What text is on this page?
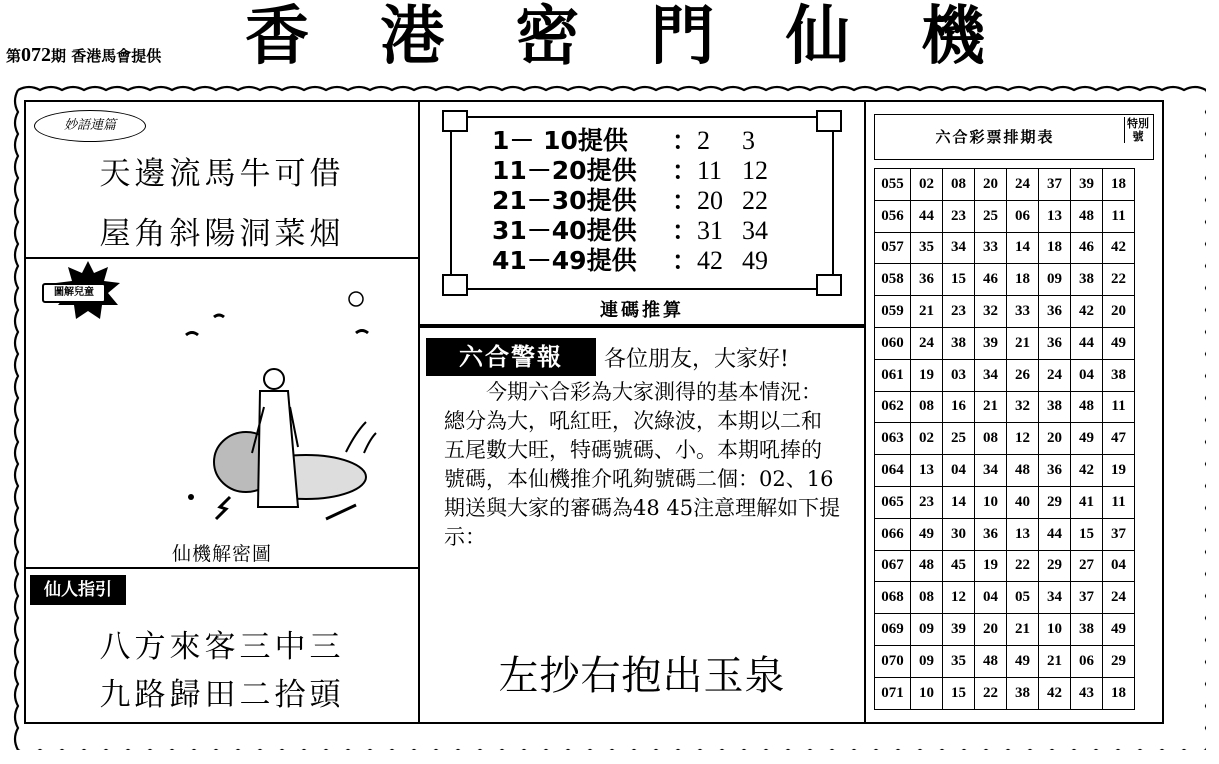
香 港 密 門 仙 機
第072期 香港馬會提供
妙語連篇
天邊流馬牛可借
屋角斜陽洞菜烟
圖解兒童
仙機解密圖
仙人指引
八方來客三中三
九路歸田二拾頭
1－ 10提供	： 2	3
11－20提供	： 11 12
21－30提供	： 20 22
31－40提供	： 31 34
41－49提供	： 42 49
連碼推算
六合警報	各位朋友，大家好!
　　今期六合彩為大家測得的基本情況：總分為大，吼紅旺，次綠波，本期以二和五尾數大旺，特碼號碼、小。本期吼捧的號碼，本仙機推介吼夠號碼二個：02、16期送與大家的審碼為48 45注意理解如下提示：
左抄右抱出玉泉
六合彩票排期表
特別號
055	02	08	20	24	37	39	18
056	44	23	25	06	13	48	11
057	35	34	33	14	18	46	42
058	36	15	46	18	09	38	22
059	21	23	32	33	36	42	20
060	24	38	39	21	36	44	49
061	19	03	34	26	24	04	38
062	08	16	21	32	38	48	11
063	02	25	08	12	20	49	47
064	13	04	34	48	36	42	19
065	23	14	10	40	29	41	11
066	49	30	36	13	44	15	37
067	48	45	19	22	29	27	04
068	08	12	04	05	34	37	24
069	09	39	20	21	10	38	49
070	09	35	48	49	21	06	29
071	10	15	22	38	42	43	18
